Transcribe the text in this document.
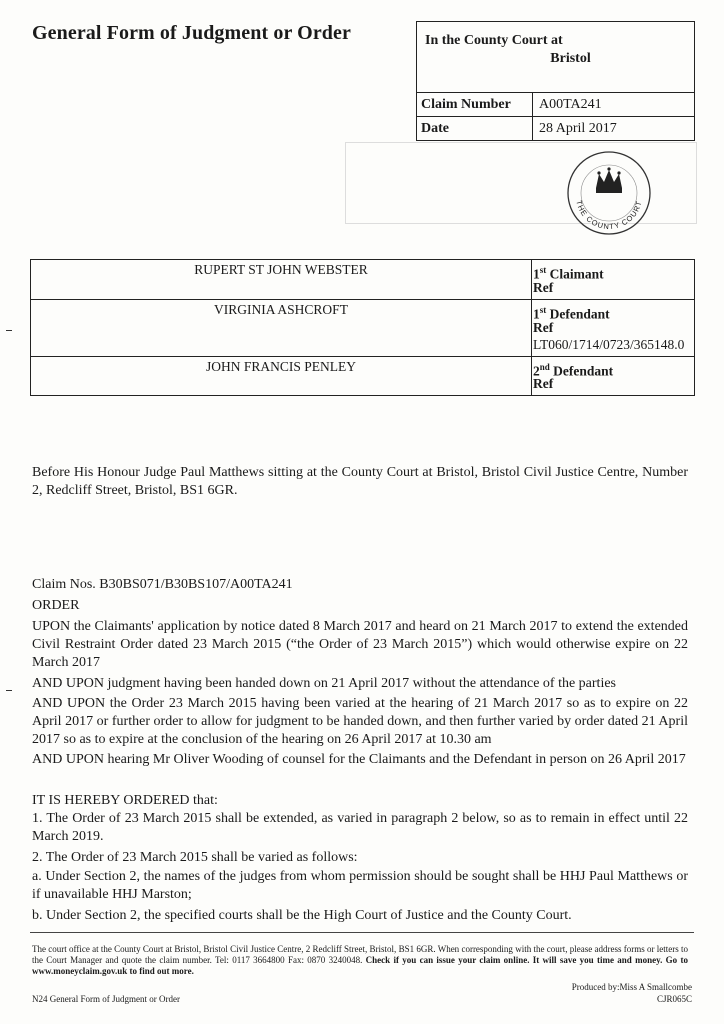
General Form of Judgment or Order	In the County Court at
Bristol
Claim Number A00TA241
Date	28 April 2017
THE COUNTY COURT
RUPERT ST JOHN WEBSTER	1st Claimant
Ref
VIRGINIA ASHCROFT	1st Defendant
Ref
LT060/1714/0723/365148.0
JOHN FRANCIS PENLEY	2nd Defendant
Ref
Before His Honour Judge Paul Matthews sitting at the County Court at Bristol, Bristol Civil Justice Centre, Number 2, Redcliff Street, Bristol, BS1 6GR.
Claim Nos. B30BS071/B30BS107/A00TA241
ORDER
UPON the Claimants' application by notice dated 8 March 2017 and heard on 21 March 2017 to extend the extended Civil Restraint Order dated 23 March 2015 (“the Order of 23 March 2015”) which would otherwise expire on 22 March 2017
AND UPON judgment having been handed down on 21 April 2017 without the attendance of the parties
AND UPON the Order 23 March 2015 having been varied at the hearing of 21 March 2017 so as to expire on 22 April 2017 or further order to allow for judgment to be handed down, and then further varied by order dated 21 April 2017 so as to expire at the conclusion of the hearing on 26 April 2017 at 10.30 am
AND UPON hearing Mr Oliver Wooding of counsel for the Claimants and the Defendant in person on 26 April 2017
IT IS HEREBY ORDERED that:
1. The Order of 23 March 2015 shall be extended, as varied in paragraph 2 below, so as to remain in effect until 22 March 2019.
2. The Order of 23 March 2015 shall be varied as follows:
a. Under Section 2, the names of the judges from whom permission should be sought shall be HHJ Paul Matthews or if unavailable HHJ Marston;
b. Under Section 2, the specified courts shall be the High Court of Justice and the County Court.
The court office at the County Court at Bristol, Bristol Civil Justice Centre, 2 Redcliff Street, Bristol, BS1 6GR. When corresponding with the court, please address forms or letters to the Court Manager and quote the claim number. Tel: 0117 3664800 Fax: 0870 3240048. Check if you can issue your claim online. It will save you time and money. Go to www.moneyclaim.gov.uk to find out more.
Produced by:Miss A Smallcombe
CJR065C
N24 General Form of Judgment or Order
